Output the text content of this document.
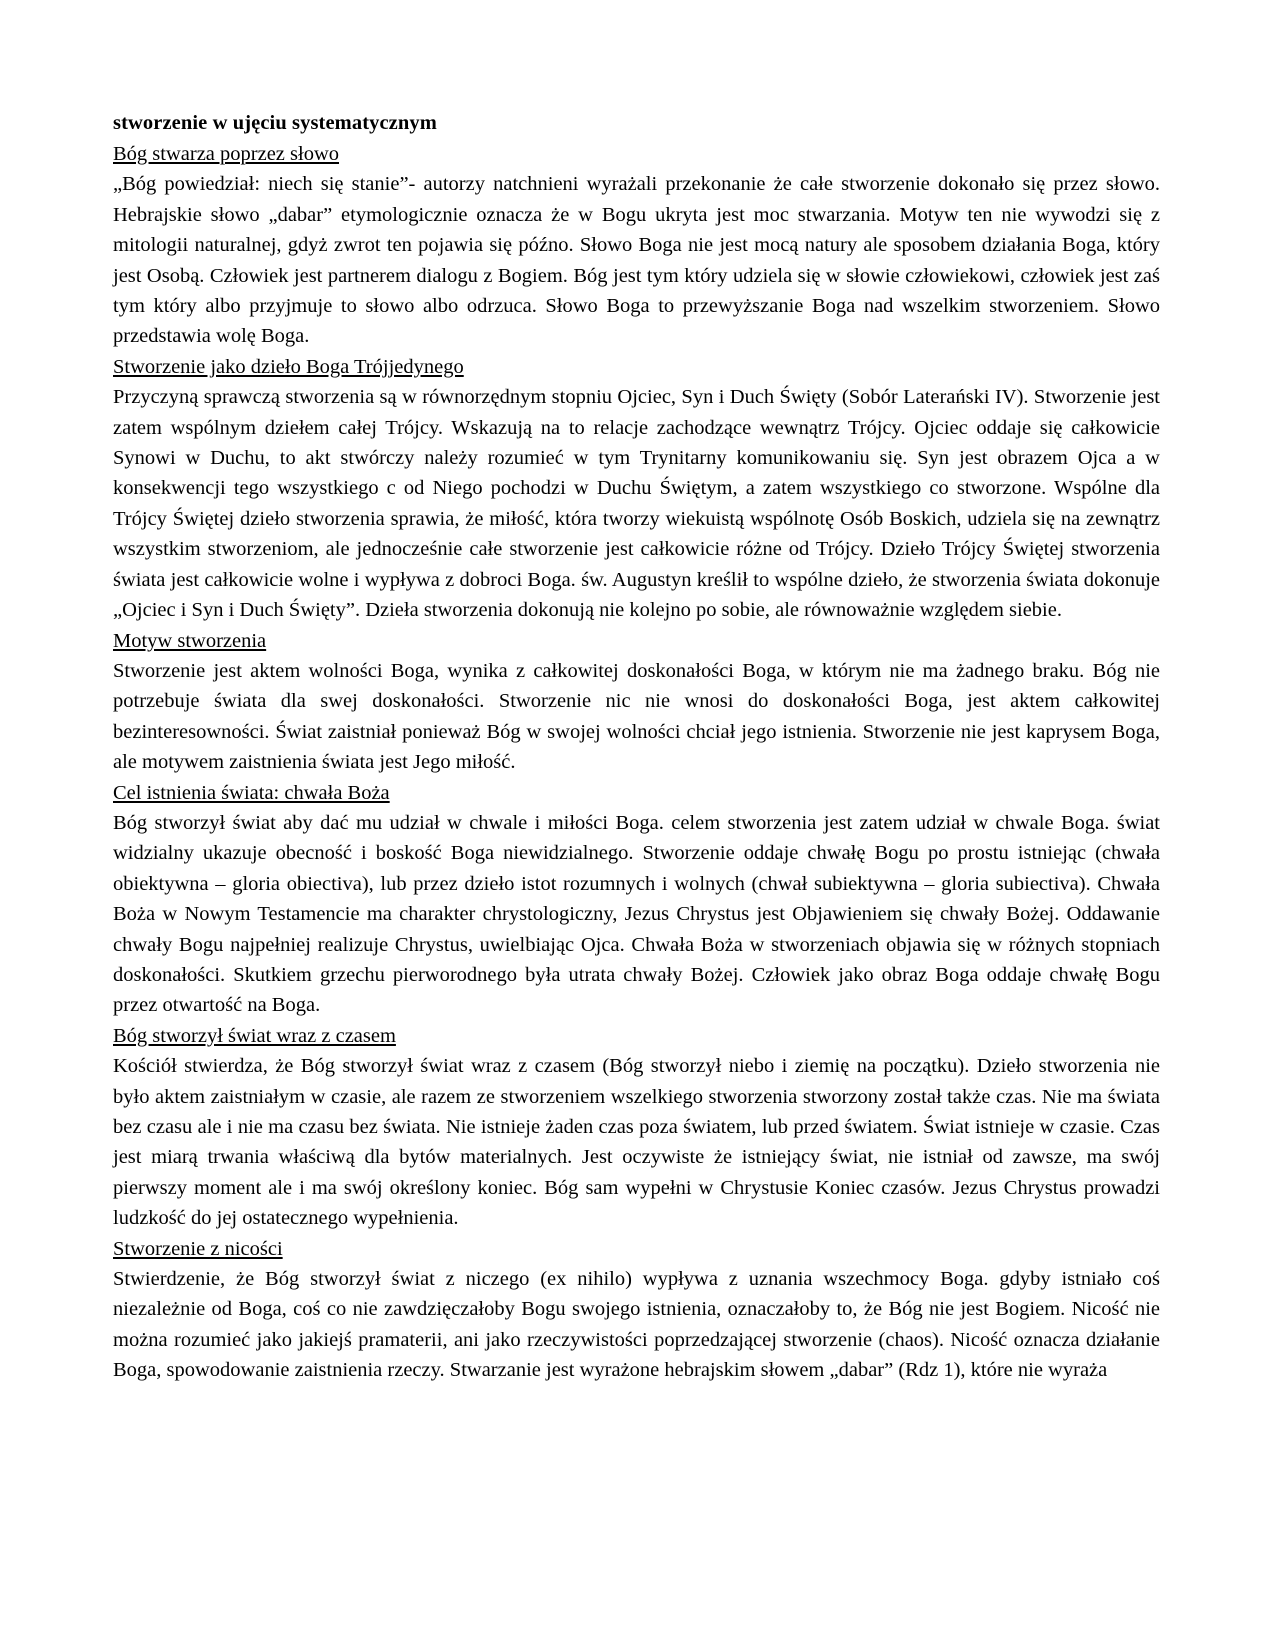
stworzenie w ujęciu systematycznym
Bóg stwarza poprzez słowo

„Bóg powiedział: niech się stanie”- autorzy natchnieni wyrażali przekonanie że całe stworzenie dokonało się przez słowo. Hebrajskie słowo „dabar” etymologicznie oznacza że w Bogu ukryta jest moc stwarzania. Motyw ten nie wywodzi się z mitologii naturalnej, gdyż zwrot ten pojawia się późno. Słowo Boga nie jest mocą natury ale sposobem działania Boga, który jest Osobą. Człowiek jest partnerem dialogu z Bogiem. Bóg jest tym który udziela się w słowie człowiekowi, człowiek jest zaś tym który albo przyjmuje to słowo albo odrzuca. Słowo Boga to przewyższanie Boga nad wszelkim stworzeniem. Słowo przedstawia wolę Boga.

Stworzenie jako dzieło Boga Trójjedynego

Przyczyną sprawczą stworzenia są w równorzędnym stopniu Ojciec, Syn i Duch Święty (Sobór Laterański IV). Stworzenie jest zatem wspólnym dziełem całej Trójcy. Wskazują na to relacje zachodzące wewnątrz Trójcy. Ojciec oddaje się całkowicie Synowi w Duchu, to akt stwórczy należy rozumieć w tym Trynitarny komunikowaniu się. Syn jest obrazem Ojca a w konsekwencji tego wszystkiego c od Niego pochodzi w Duchu Świętym, a zatem wszystkiego co stworzone. Wspólne dla Trójcy Świętej dzieło stworzenia sprawia, że miłość, która tworzy wiekuistą wspólnotę Osób Boskich, udziela się na zewnątrz wszystkim stworzeniom, ale jednocześnie całe stworzenie jest całkowicie różne od Trójcy. Dzieło Trójcy Świętej stworzenia świata jest całkowicie wolne i wypływa z dobroci Boga. św. Augustyn kreślił to wspólne dzieło, że stworzenia świata dokonuje „Ojciec i Syn i Duch Święty”. Dzieła stworzenia dokonują nie kolejno po sobie, ale równoważnie względem siebie.

Motyw stworzenia

Stworzenie jest aktem wolności Boga, wynika z całkowitej doskonałości Boga, w którym nie ma żadnego braku. Bóg nie potrzebuje świata dla swej doskonałości. Stworzenie nic nie wnosi do doskonałości Boga, jest aktem całkowitej bezinteresowności. Świat zaistniał ponieważ Bóg w swojej wolności chciał jego istnienia. Stworzenie nie jest kaprysem Boga, ale motywem zaistnienia świata jest Jego miłość.

Cel istnienia świata: chwała Boża

Bóg stworzył świat aby dać mu udział w chwale i miłości Boga. celem stworzenia jest zatem udział w chwale Boga. świat widzialny ukazuje obecność i boskość Boga niewidzialnego. Stworzenie oddaje chwałę Bogu po prostu istniejąc (chwała obiektywna – gloria obiectiva), lub przez dzieło istot rozumnych i wolnych (chwał subiektywna – gloria subiectiva). Chwała Boża w Nowym Testamencie ma charakter chrystologiczny, Jezus Chrystus jest Objawieniem się chwały Bożej. Oddawanie chwały Bogu najpełniej realizuje Chrystus, uwielbiając Ojca. Chwała Boża w stworzeniach objawia się w różnych stopniach doskonałości. Skutkiem grzechu pierworodnego była utrata chwały Bożej. Człowiek jako obraz Boga oddaje chwałę Bogu przez otwartość na Boga.

Bóg stworzył świat wraz z czasem

Kościół stwierdza, że Bóg stworzył świat wraz z czasem (Bóg stworzył niebo i ziemię na początku). Dzieło stworzenia nie było aktem zaistniałym w czasie, ale razem ze stworzeniem wszelkiego stworzenia stworzony został także czas. Nie ma świata bez czasu ale i nie ma czasu bez świata. Nie istnieje żaden czas poza światem, lub przed światem. Świat istnieje w czasie. Czas jest miarą trwania właściwą dla bytów materialnych. Jest oczywiste że istniejący świat, nie istniał od zawsze, ma swój pierwszy moment ale i ma swój określony koniec. Bóg sam wypełni w Chrystusie Koniec czasów. Jezus Chrystus prowadzi ludzkość do jej ostatecznego wypełnienia.

Stworzenie z nicości

Stwierdzenie, że Bóg stworzył świat z niczego (ex nihilo) wypływa z uznania wszechmocy Boga. gdyby istniało coś niezależnie od Boga, coś co nie zawdzięczałoby Bogu swojego istnienia, oznaczałoby to, że Bóg nie jest Bogiem. Nicość nie można rozumieć jako jakiejś pramaterii, ani jako rzeczywistości poprzedzającej stworzenie (chaos). Nicość oznacza działanie Boga, spowodowanie zaistnienia rzeczy. Stwarzanie jest wyrażone hebrajskim słowem „dabar” (Rdz 1), które nie wyraża
